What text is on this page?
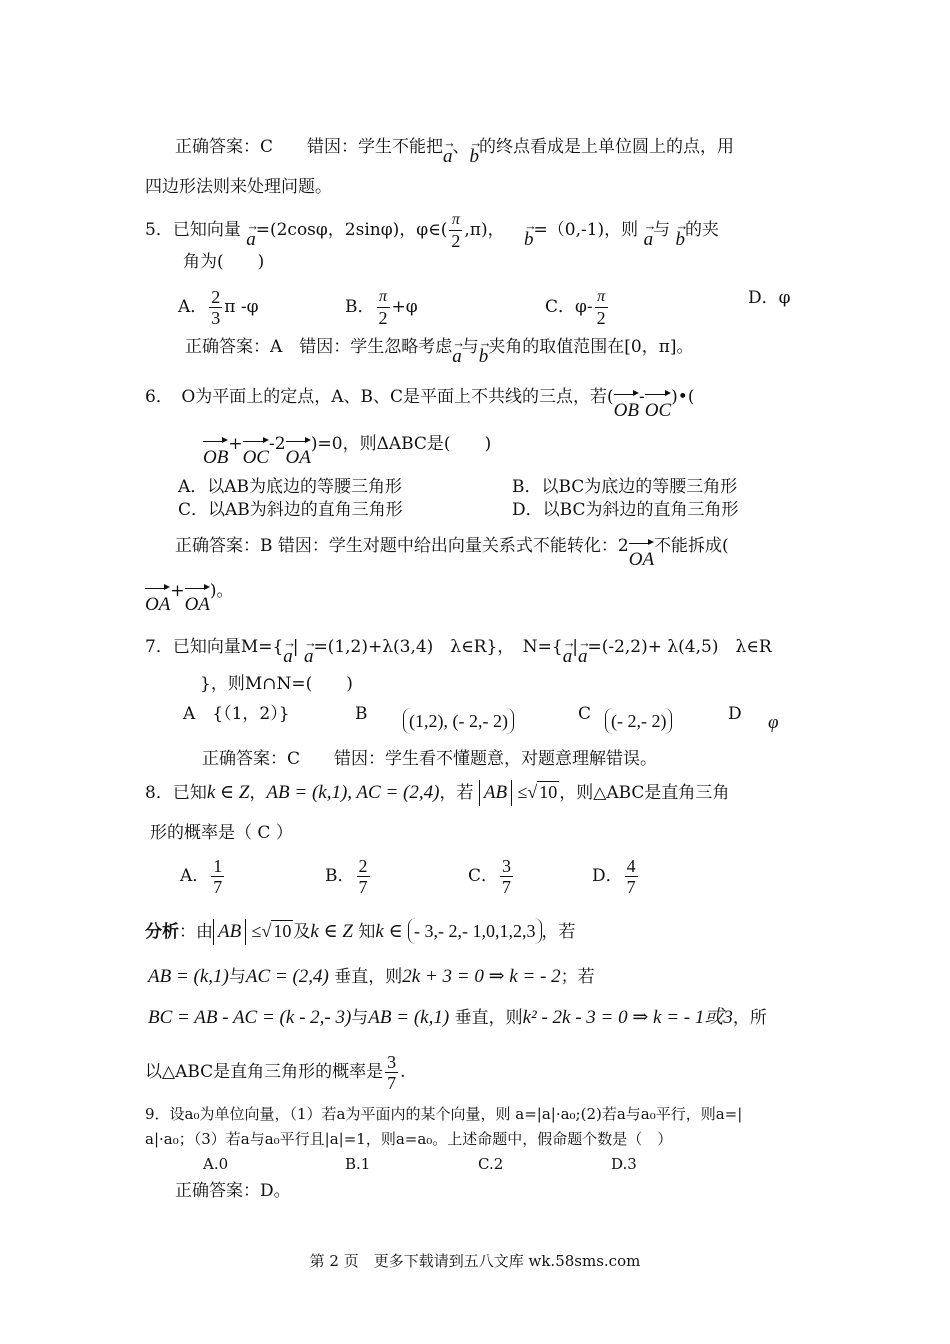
正确答案：C　　错因：学生不能把→ a、→ b的终点看成是上单位圆上的点，用
四边形法则来处理问题。
5．已知向量 → a=(2cosφ，2sinφ)，φ∈( $\frac{\pi}{2} ,\pi$)， → b=（0,-1)，则 → a与 → b的夹
角为(　　)
A． $\frac{2}{3}$ π -φ	B． $\frac{\pi}{2} +\varphi$	C．$\varphi- \frac{\pi}{2}$	D．φ
正确答案：A　错因：学生忽略考虑→ a与→ b夹角的取值范围在[0，π]。
6．　O为平面上的定点，A、B、C是平面上不共线的三点，若(OB-OC)•(
OB+OC-2OA)=0，则ΔABC是(　　)
A．以AB为底边的等腰三角形	B．以BC为底边的等腰三角形
C．以AB为斜边的直角三角形	D．以BC为斜边的直角三角形
正确答案：B 错因：学生对题中给出向量关系式不能转化：2OA不能拆成(
OA+OA)。
7．已知向量M={→ a| → a=(1,2)+λ(3,4)　λ∈R}，　N={→ a|→ a=(-2,2)+ λ(4,5)　λ∈R
}，则M∩N=(　　)
A　{（1，2）}	B	(1,2), (- 2,- 2)	C	(- 2,- 2)	D φ
正确答案：C　　错因：学生看不懂题意，对题意理解错误。
8．已知k ∈ Z，AB = (k,1), AC = (2,4)，若 AB ≤√ 10 ，则△ABC是直角三角
形的概率是（ C ）
A． $\frac{1}{7}$	B． $\frac{2}{7}$	C． $\frac{3}{7}$	D． $\frac{4}{7}$
分析：由 AB ≤√ 10 及k ∈ Z 知k ∈ - 3,- 2,- 1,0,1,2,3 ，若
AB = (k,1)与AC = (2,4) 垂直，则2k + 3 = 0 ⇒ k = - 2；若
BC = AB - AC = (k - 2,- 3)与AB = (k,1) 垂直，则k² - 2k - 3 = 0 ⇒ k = - 1或3，所
以△ABC是直角三角形的概率是 $\frac{3}{7}$ .
9．设a₀为单位向量，（1）若a为平面内的某个向量，则 a=|a|·a₀;(2)若a与a₀平行，则a=|
a|·a₀；（3）若a与a₀平行且|a|=1，则a=a₀。上述命题中，假命题个数是（　）
A.0	B.1	C.2	D.3
正确答案：D。
第 2 页　更多下载请到五八文库 wk.58sms.com
